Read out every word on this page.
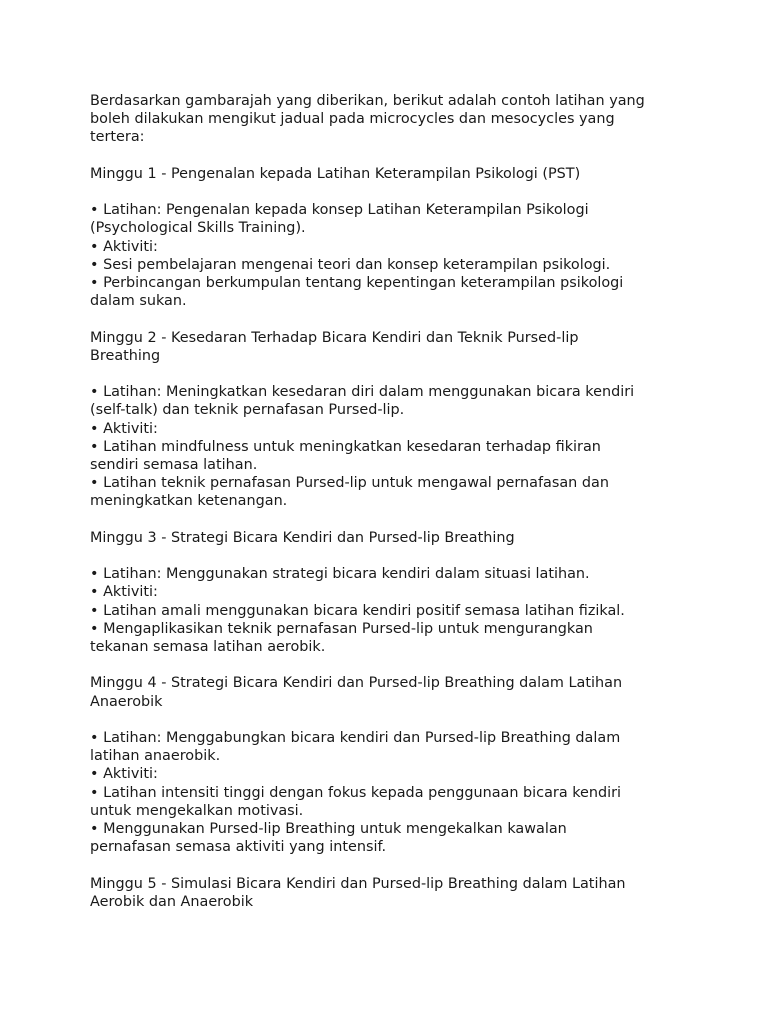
Berdasarkan gambarajah yang diberikan, berikut adalah contoh latihan yang
boleh dilakukan mengikut jadual pada microcycles dan mesocycles yang
tertera:

Minggu 1 - Pengenalan kepada Latihan Keterampilan Psikologi (PST)

• Latihan: Pengenalan kepada konsep Latihan Keterampilan Psikologi
(Psychological Skills Training).
• Aktiviti:
• Sesi pembelajaran mengenai teori dan konsep keterampilan psikologi.
• Perbincangan berkumpulan tentang kepentingan keterampilan psikologi
dalam sukan.

Minggu 2 - Kesedaran Terhadap Bicara Kendiri dan Teknik Pursed-lip
Breathing

• Latihan: Meningkatkan kesedaran diri dalam menggunakan bicara kendiri
(self-talk) dan teknik pernafasan Pursed-lip.
• Aktiviti:
• Latihan mindfulness untuk meningkatkan kesedaran terhadap fikiran
sendiri semasa latihan.
• Latihan teknik pernafasan Pursed-lip untuk mengawal pernafasan dan
meningkatkan ketenangan.

Minggu 3 - Strategi Bicara Kendiri dan Pursed-lip Breathing

• Latihan: Menggunakan strategi bicara kendiri dalam situasi latihan.
• Aktiviti:
• Latihan amali menggunakan bicara kendiri positif semasa latihan fizikal.
• Mengaplikasikan teknik pernafasan Pursed-lip untuk mengurangkan
tekanan semasa latihan aerobik.

Minggu 4 - Strategi Bicara Kendiri dan Pursed-lip Breathing dalam Latihan
Anaerobik

• Latihan: Menggabungkan bicara kendiri dan Pursed-lip Breathing dalam
latihan anaerobik.
• Aktiviti:
• Latihan intensiti tinggi dengan fokus kepada penggunaan bicara kendiri
untuk mengekalkan motivasi.
• Menggunakan Pursed-lip Breathing untuk mengekalkan kawalan
pernafasan semasa aktiviti yang intensif.

Minggu 5 - Simulasi Bicara Kendiri dan Pursed-lip Breathing dalam Latihan
Aerobik dan Anaerobik
